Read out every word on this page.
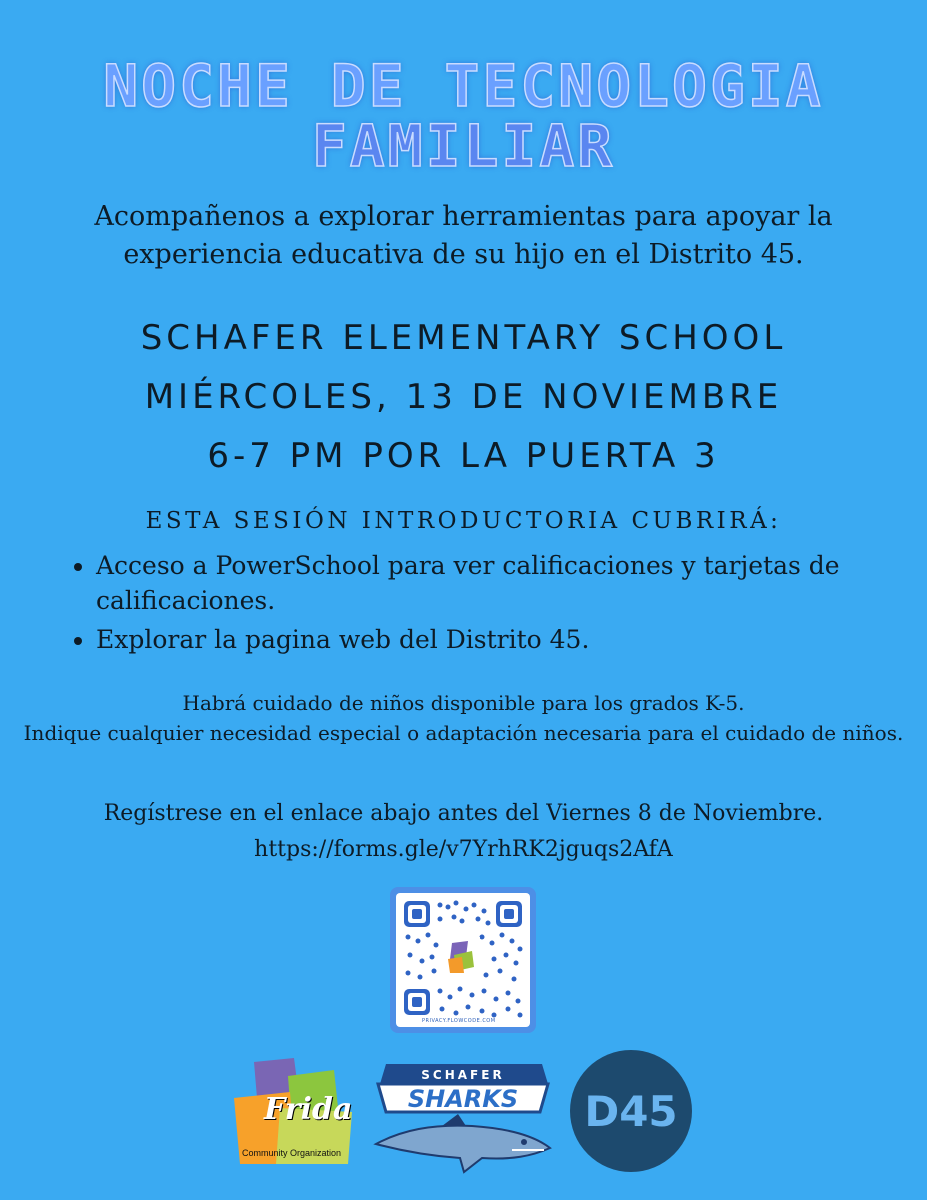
NOCHE DE TECNOLOGIA
FAMILIAR

Acompañenos a explorar herramientas para apoyar la experiencia educativa de su hijo en el Distrito 45.

SCHAFER ELEMENTARY SCHOOL

MIÉRCOLES, 13 DE NOVIEMBRE

6-7 PM POR LA PUERTA 3

ESTA SESIÓN INTRODUCTORIA CUBRIRÁ:

• Acceso a PowerSchool para ver calificaciones y tarjetas de calificaciones.
• Explorar la pagina web del Distrito 45.

Habrá cuidado de niños disponible para los grados K-5.

Indique cualquier necesidad especial o adaptación necesaria para el cuidado de niños.

Regístrese en el enlace abajo antes del Viernes 8 de Noviembre.

https://forms.gle/v7YrhRK2jguqs2AfA

PRIVACY.FLOWCODE.COM
Frida
Community Organization
SCHAFER
SHARKS	D45
